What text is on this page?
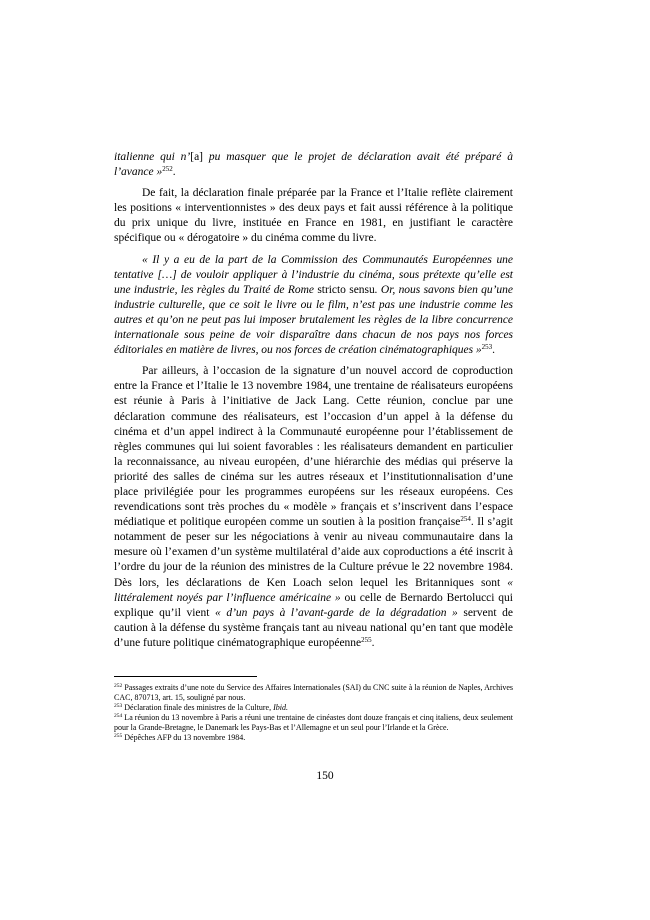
italienne qui n’[a] pu masquer que le projet de déclaration avait été préparé à l’avance »$^{252}$.

De fait, la déclaration finale préparée par la France et l’Italie reflète clairement les positions « interventionnistes » des deux pays et fait aussi référence à la politique du prix unique du livre, instituée en France en 1981, en justifiant le caractère spécifique ou « dérogatoire » du cinéma comme du livre.

« Il y a eu de la part de la Commission des Communautés Européennes une tentative […] de vouloir appliquer à l’industrie du cinéma, sous prétexte qu’elle est une industrie, les règles du Traité de Rome stricto sensu. Or, nous savons bien qu’une industrie culturelle, que ce soit le livre ou le film, n’est pas une industrie comme les autres et qu’on ne peut pas lui imposer brutalement les règles de la libre concurrence internationale sous peine de voir disparaître dans chacun de nos pays nos forces éditoriales en matière de livres, ou nos forces de création cinématographiques »$^{253}$.

Par ailleurs, à l’occasion de la signature d’un nouvel accord de coproduction entre la France et l’Italie le 13 novembre 1984, une trentaine de réalisateurs européens est réunie à Paris à l’initiative de Jack Lang. Cette réunion, conclue par une déclaration commune des réalisateurs, est l’occasion d’un appel à la défense du cinéma et d’un appel indirect à la Communauté européenne pour l’établissement de règles communes qui lui soient favorables : les réalisateurs demandent en particulier la reconnaissance, au niveau européen, d’une hiérarchie des médias qui préserve la priorité des salles de cinéma sur les autres réseaux et l’institutionnalisation d’une place privilégiée pour les programmes européens sur les réseaux européens. Ces revendications sont très proches du « modèle » français et s’inscrivent dans l’espace médiatique et politique européen comme un soutien à la position française$^{254}$. Il s’agit notamment de peser sur les négociations à venir au niveau communautaire dans la mesure où l’examen d’un système multilatéral d’aide aux coproductions a été inscrit à l’ordre du jour de la réunion des ministres de la Culture prévue le 22 novembre 1984. Dès lors, les déclarations de Ken Loach selon lequel les Britanniques sont « littéralement noyés par l’influence américaine » ou celle de Bernardo Bertolucci qui explique qu’il vient « d’un pays à l’avant-garde de la dégradation » servent de caution à la défense du système français tant au niveau national qu’en tant que modèle d’une future politique cinématographique européenne$^{255}$.

$^{252}$ Passages extraits d’une note du Service des Affaires Internationales (SAI) du CNC suite à la réunion de Naples, Archives CAC, 870713, art. 15, souligné par nous.

$^{253}$ Déclaration finale des ministres de la Culture, Ibid.

$^{254}$ La réunion du 13 novembre à Paris a réuni une trentaine de cinéastes dont douze français et cinq italiens, deux seulement pour la Grande-Bretagne, le Danemark les Pays-Bas et l’Allemagne et un seul pour l’Irlande et la Grèce.

$^{255}$ Dépêches AFP du 13 novembre 1984.

150
